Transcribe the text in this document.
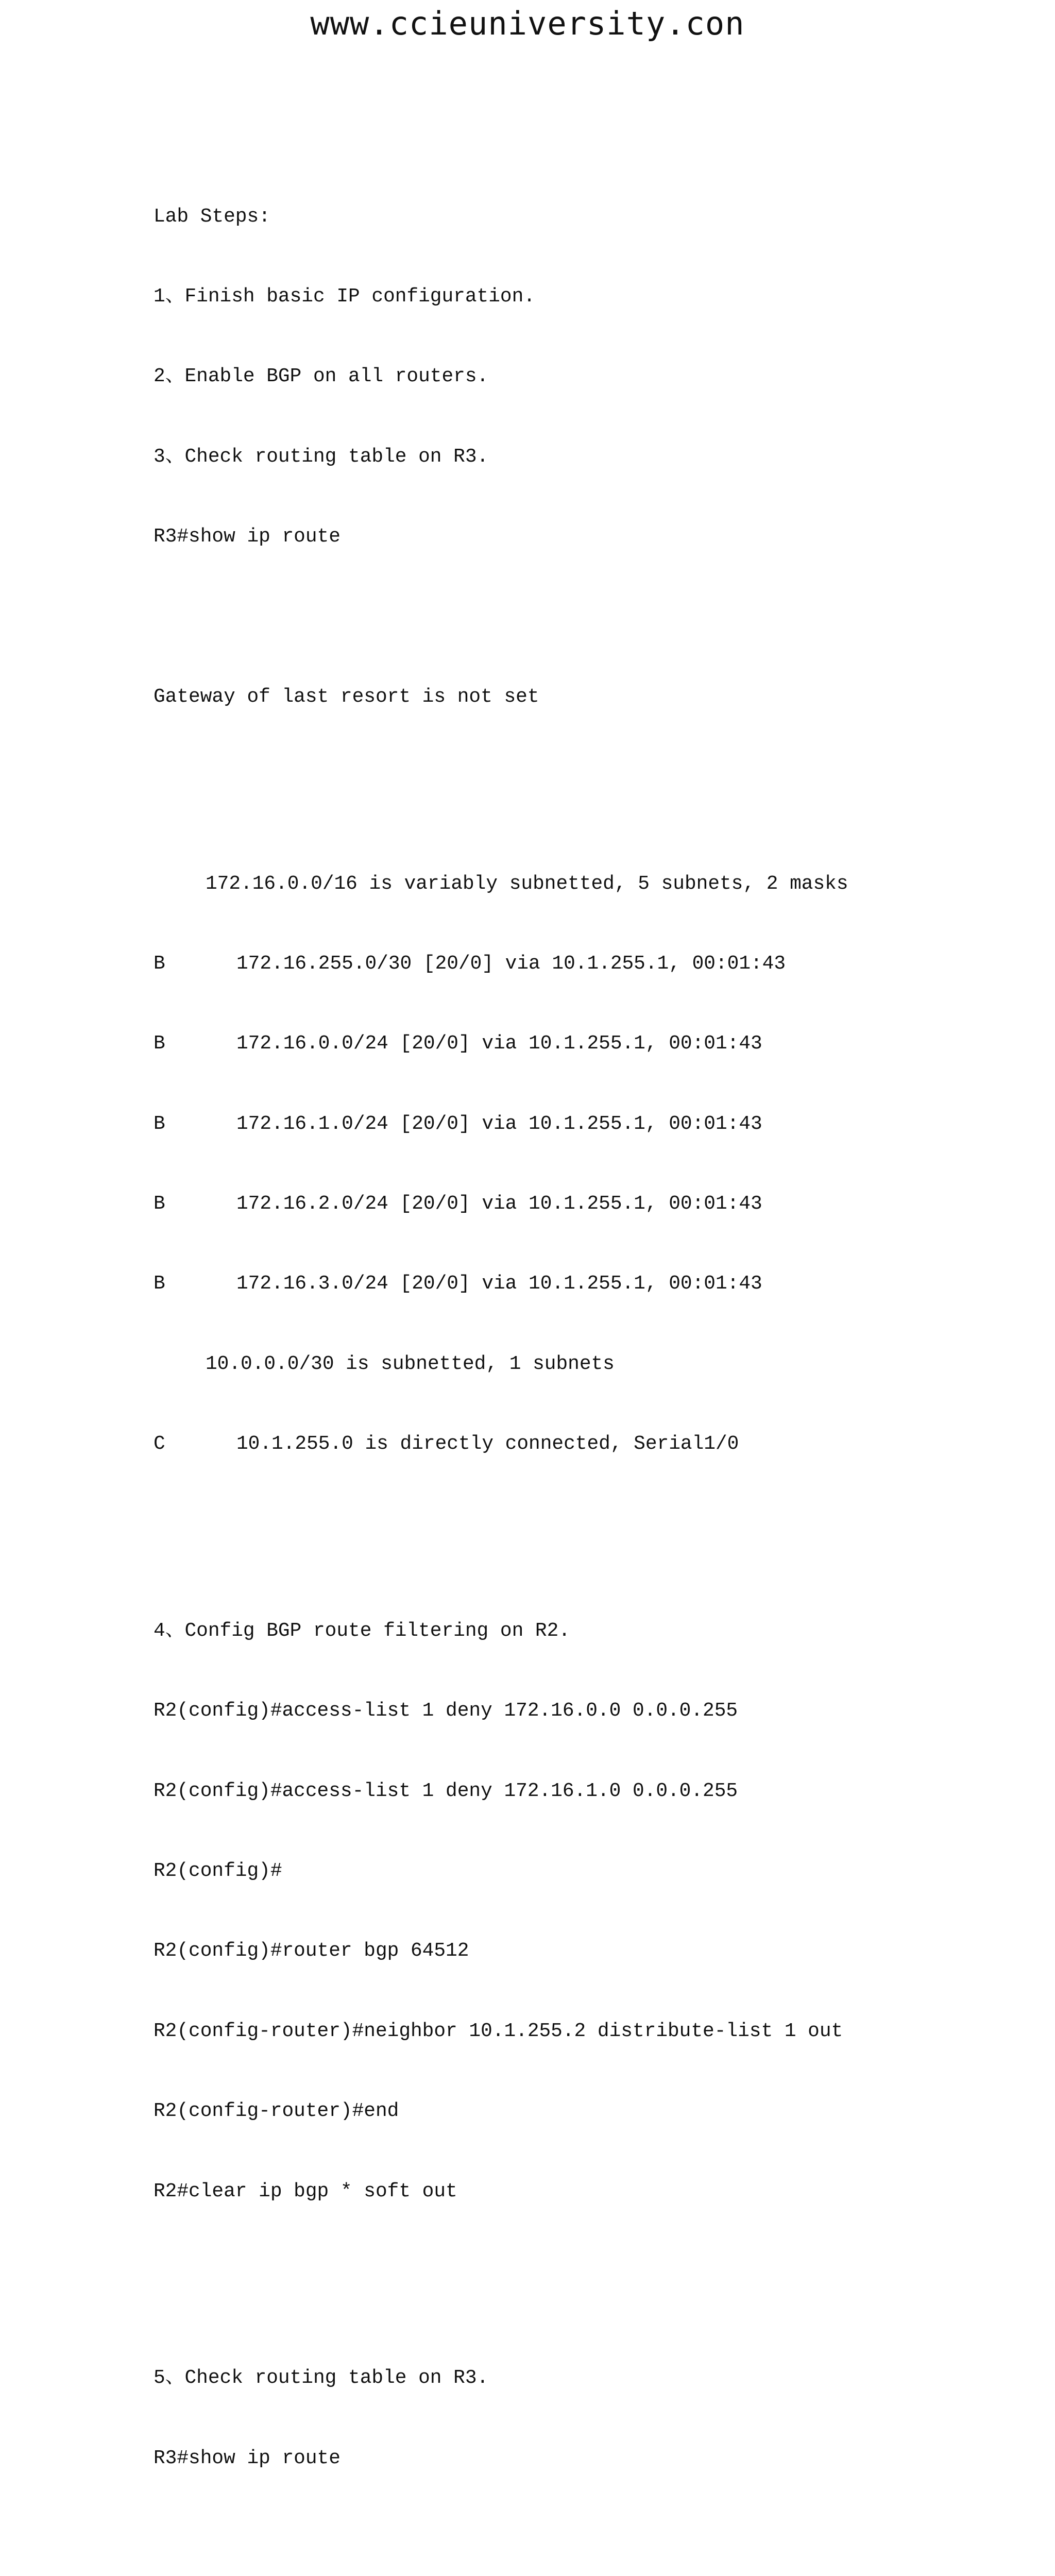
www.ccieuniversity.con

Lab Steps:

1、Finish basic IP configuration.

2、Enable BGP on all routers.

3、Check routing table on R3.

R3#show ip route

Gateway of last resort is not set

172.16.0.0/16 is variably subnetted, 5 subnets, 2 masks

B	172.16.255.0/30 [20/0] via 10.1.255.1, 00:01:43

B	172.16.0.0/24 [20/0] via 10.1.255.1, 00:01:43

B	172.16.1.0/24 [20/0] via 10.1.255.1, 00:01:43

B	172.16.2.0/24 [20/0] via 10.1.255.1, 00:01:43

B	172.16.3.0/24 [20/0] via 10.1.255.1, 00:01:43

10.0.0.0/30 is subnetted, 1 subnets

C	10.1.255.0 is directly connected, Serial1/0

4、Config BGP route filtering on R2.

R2(config)#access-list 1 deny 172.16.0.0 0.0.0.255

R2(config)#access-list 1 deny 172.16.1.0 0.0.0.255

R2(config)#

R2(config)#router bgp 64512

R2(config-router)#neighbor 10.1.255.2 distribute-list 1 out

R2(config-router)#end

R2#clear ip bgp * soft out

5、Check routing table on R3.

R3#show ip route
